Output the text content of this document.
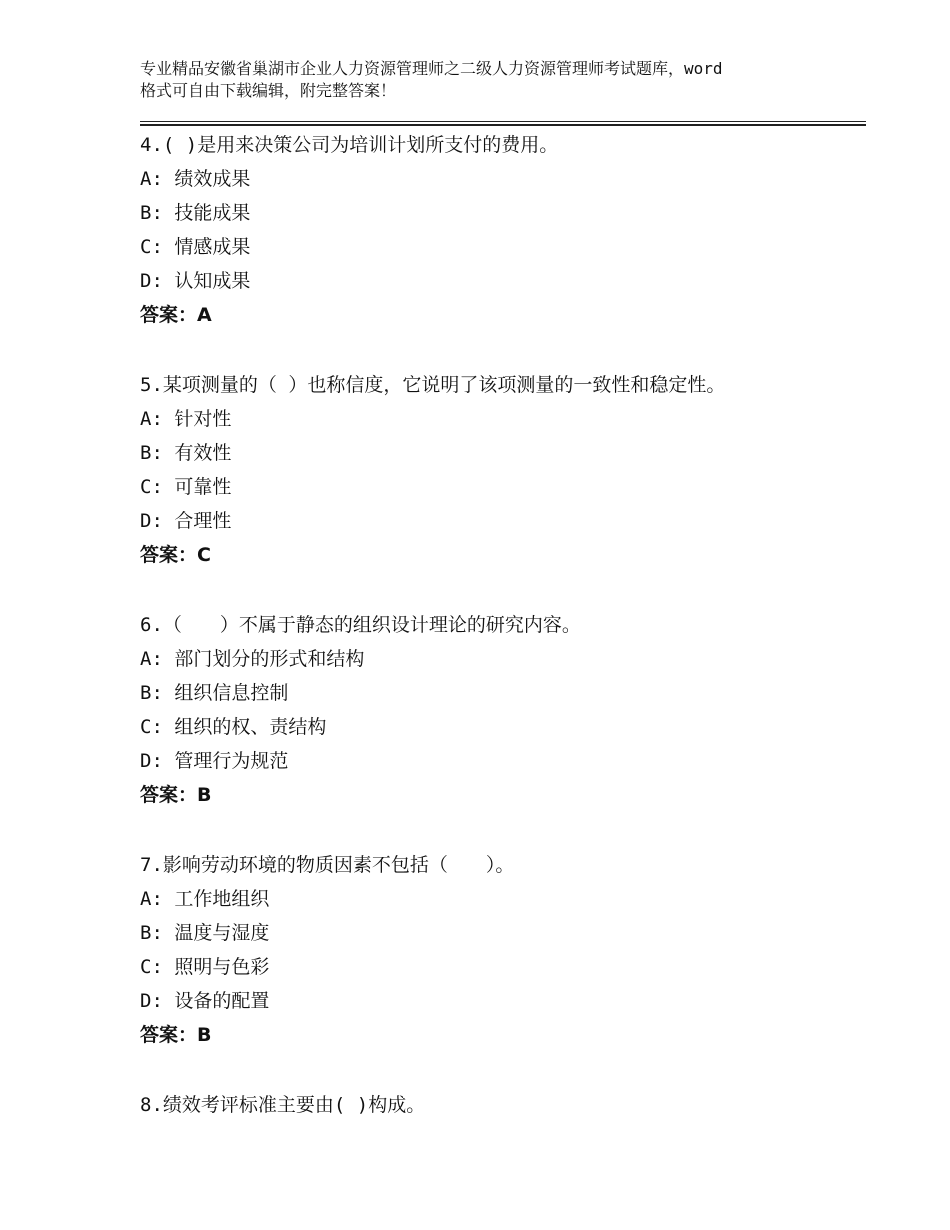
专业精品安徽省巢湖市企业人力资源管理师之二级人力资源管理师考试题库，word
格式可自由下载编辑，附完整答案！
4.( )是用来决策公司为培训计划所支付的费用。
A: 绩效成果
B: 技能成果
C: 情感成果
D: 认知成果
答案：A
5.某项测量的（ ）也称信度，它说明了该项测量的一致性和稳定性。
A: 针对性
B: 有效性
C: 可靠性
D: 合理性
答案：C
6.（　　）不属于静态的组织设计理论的研究内容。
A: 部门划分的形式和结构
B: 组织信息控制
C: 组织的权、责结构
D: 管理行为规范
答案：B
7.影响劳动环境的物质因素不包括（　　）。
A: 工作地组织
B: 温度与湿度
C: 照明与色彩
D: 设备的配置
答案：B
8.绩效考评标准主要由( )构成。
